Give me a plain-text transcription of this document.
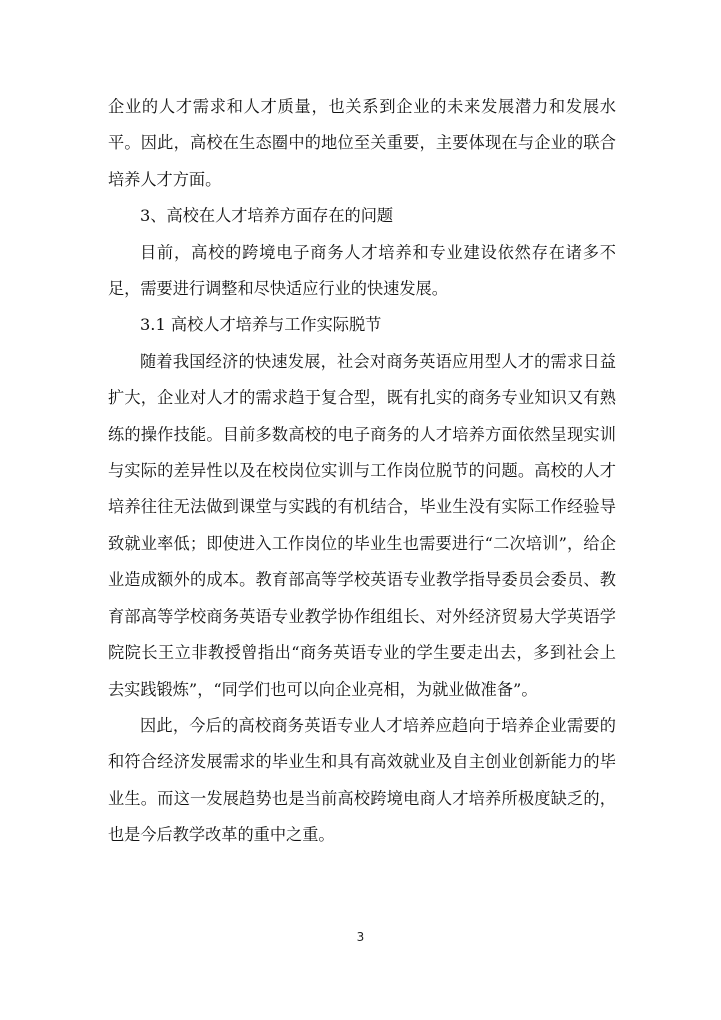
企业的人才需求和人才质量，也关系到企业的未来发展潜力和发展水平。因此，高校在生态圈中的地位至关重要，主要体现在与企业的联合培养人才方面。

3、高校在人才培养方面存在的问题

目前，高校的跨境电子商务人才培养和专业建设依然存在诸多不足，需要进行调整和尽快适应行业的快速发展。

3.1 高校人才培养与工作实际脱节

随着我国经济的快速发展，社会对商务英语应用型人才的需求日益扩大，企业对人才的需求趋于复合型，既有扎实的商务专业知识又有熟练的操作技能。目前多数高校的电子商务的人才培养方面依然呈现实训与实际的差异性以及在校岗位实训与工作岗位脱节的问题。高校的人才培养往往无法做到课堂与实践的有机结合，毕业生没有实际工作经验导致就业率低；即使进入工作岗位的毕业生也需要进行“二次培训”，给企业造成额外的成本。教育部高等学校英语专业教学指导委员会委员、教育部高等学校商务英语专业教学协作组组长、对外经济贸易大学英语学院院长王立非教授曾指出“商务英语专业的学生要走出去，多到社会上去实践锻炼”，“同学们也可以向企业亮相，为就业做准备”。

因此，今后的高校商务英语专业人才培养应趋向于培养企业需要的和符合经济发展需求的毕业生和具有高效就业及自主创业创新能力的毕业生。而这一发展趋势也是当前高校跨境电商人才培养所极度缺乏的，也是今后教学改革的重中之重。

3
